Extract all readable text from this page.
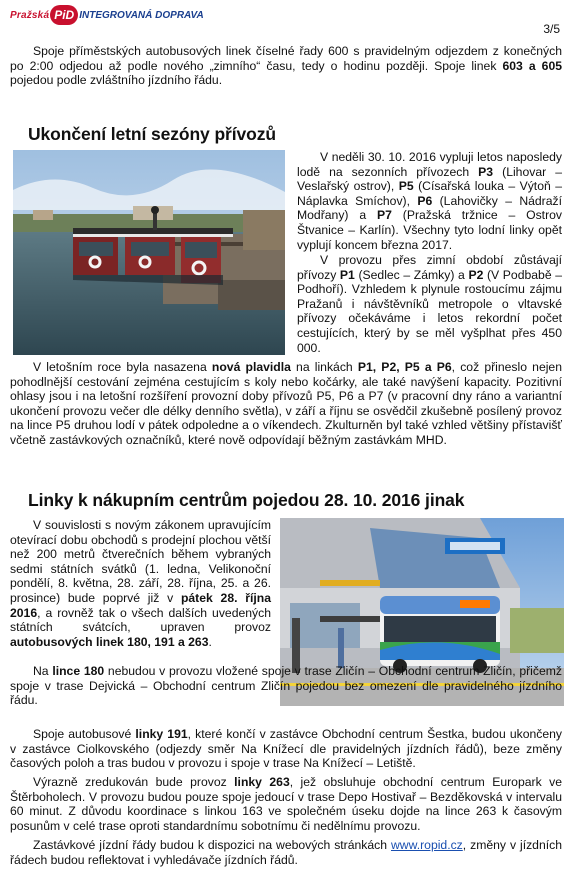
Pražská PiD INTEGROVANÁ DOPRAVA
3/5

Spoje příměstských autobusových linek číselné řady 600 s pravidelným odjezdem z konečných po 2:00 odjedou až podle nového „zimního“ času, tedy o hodinu později. Spoje linek 603 a 605 pojedou podle zvláštního jízdního řádu.

Ukončení letní sezóny přívozů

V neděli 30. 10. 2016 vypluji letos naposledy lodě na sezonních přívozech P3 (Lihovar – Veslařský ostrov), P5 (Císařská louka – Výtoň – Náplavka Smíchov), P6 (Lahovičky – Nádraží Modřany) a P7 (Pražská tržnice – Ostrov Štvanice – Karlín). Všechny tyto lodní linky opět vyplují koncem března 2017.

V provozu přes zimní období zůstávají přívozy P1 (Sedlec – Zámky) a P2 (V Podbabě – Podhoří). Vzhledem k plynule rostoucímu zájmu Pražanů i návštěvníků metropole o vltavské přívozy očekáváme i letos rekordní počet cestujících, který by se měl vyšplhat přes 450 000.

V letošním roce byla nasazena nová plavidla na linkách P1, P2, P5 a P6, což přineslo nejen pohodlnější cestování zejména cestujícím s koly nebo kočárky, ale také navýšení kapacity. Pozitivní ohlasy jsou i na letošní rozšíření provozní doby přívozů P5, P6 a P7 (v pracovní dny ráno a variantní ukončení provozu večer dle délky denního světla), v září a říjnu se osvědčil zkušebně posílený provoz na lince P5 druhou lodí v pátek odpoledne a o víkendech. Zkulturněn byl také vzhled většiny přístavišť včetně zastávkových označníků, které nově odpovídají běžným zastávkám MHD.

Linky k nákupním centrům pojedou 28. 10. 2016 jinak

V souvislosti s novým zákonem upravujícím otevírací dobu obchodů s prodejní plochou větší než 200 metrů čtverečních během vybraných sedmi státních svátků (1. ledna, Velikonoční pondělí, 8. května, 28. září, 28. října, 25. a 26. prosince) bude poprvé již v pátek 28. října 2016, a rovněž tak o všech dalších uvedených státních svátcích, upraven provoz autobusových linek 180, 191 a 263.

Na lince 180 nebudou v provozu vložené spoje v trase Zličín – Obchodní centrum Zličín, přičemž spoje v trase Dejvická – Obchodní centrum Zličín pojedou bez omezení dle pravidelného jízdního řádu.

Spoje autobusové linky 191, které končí v zastávce Obchodní centrum Šestka, budou ukončeny v zastávce Ciolkovského (odjezdy směr Na Knížecí dle pravidelných jízdních řádů), beze změny časových poloh a tras budou v provozu i spoje v trase Na Knížecí – Letiště.

Výrazně zredukován bude provoz linky 263, jež obsluhuje obchodní centrum Europark ve Štěrboholech. V provozu budou pouze spoje jedoucí v trase Depo Hostivař – Bezděkovská v intervalu 60 minut. Z důvodu koordinace s linkou 163 ve společném úseku dojde na lince 263 k časovým posunům v celé trase oproti standardnímu sobotnímu či nedělnímu provozu.

Zastávkové jízdní řády budou k dispozici na webových stránkách www.ropid.cz, změny v jízdních řádech budou reflektovat i vyhledávače jízdních řádů.
